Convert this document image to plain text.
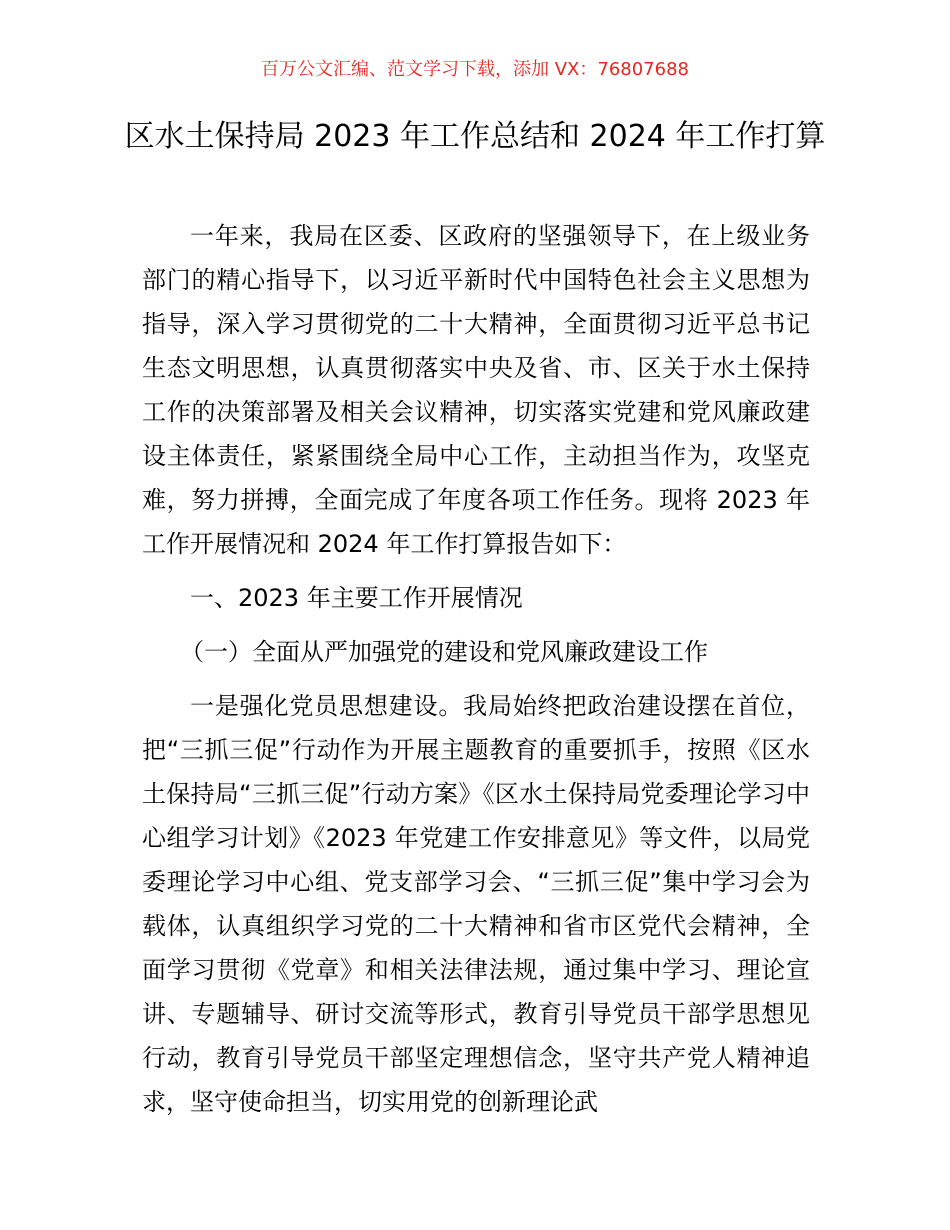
百万公文汇编、范文学习下载，添加 VX：76807688
区水土保持局 2023 年工作总结和 2024 年工作打算

一年来，我局在区委、区政府的坚强领导下，在上级业务部门的精心指导下，以习近平新时代中国特色社会主义思想为指导，深入学习贯彻党的二十大精神，全面贯彻习近平总书记生态文明思想，认真贯彻落实中央及省、市、区关于水土保持工作的决策部署及相关会议精神，切实落实党建和党风廉政建设主体责任，紧紧围绕全局中心工作，主动担当作为，攻坚克难，努力拼搏，全面完成了年度各项工作任务。现将 2023 年工作开展情况和 2024 年工作打算报告如下：

一、2023 年主要工作开展情况

（一）全面从严加强党的建设和党风廉政建设工作

一是强化党员思想建设。我局始终把政治建设摆在首位，把“三抓三促”行动作为开展主题教育的重要抓手，按照《区水土保持局“三抓三促”行动方案》《区水土保持局党委理论学习中心组学习计划》《2023 年党建工作安排意见》等文件，以局党委理论学习中心组、党支部学习会、“三抓三促”集中学习会为载体，认真组织学习党的二十大精神和省市区党代会精神，全面学习贯彻《党章》和相关法律法规，通过集中学习、理论宣讲、专题辅导、研讨交流等形式，教育引导党员干部学思想见行动，教育引导党员干部坚定理想信念，坚守共产党人精神追求，坚守使命担当，切实用党的创新理论武
